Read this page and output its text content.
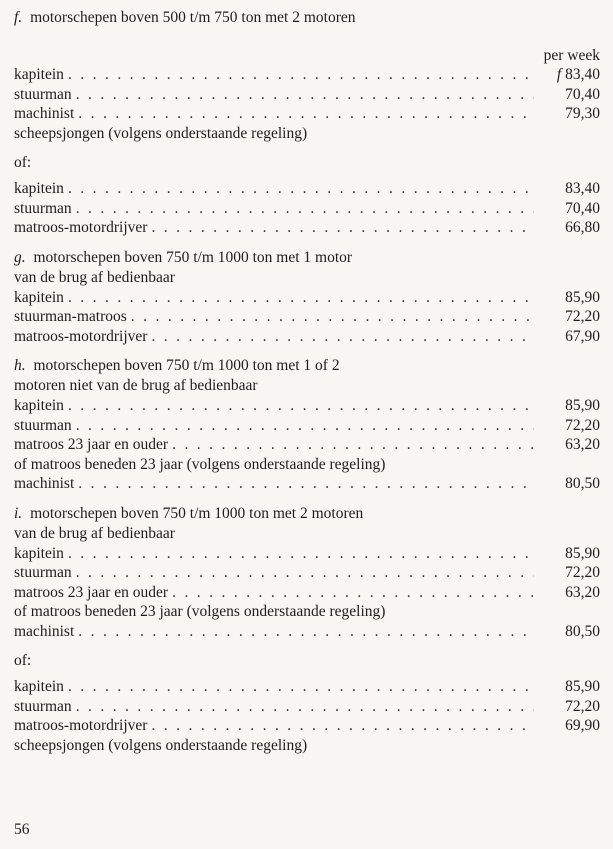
f. motorschepen boven 500 t/m 750 ton met 2 motoren

per week
kapitein . . .	f 83,40
stuurman . . .	70,40
machinist . . .	79,30
scheepsjongen (volgens onderstaande regeling)
of:
kapitein . . .	83,40
stuurman . . .	70,40
matroos-motordrijver . . .	66,80

g. motorschepen boven 750 t/m 1000 ton met 1 motor

van de brug af bedienbaar

kapitein . . .	85,90
stuurman-matroos . . .	72,20
matroos-motordrijver . . .	67,90

h. motorschepen boven 750 t/m 1000 ton met 1 of 2

motoren niet van de brug af bedienbaar

kapitein . . .	85,90
stuurman . . .	72,20
matroos 23 jaar en ouder . . .	63,20
of matroos beneden 23 jaar (volgens onderstaande regeling)
machinist . . .	80,50

i. motorschepen boven 750 t/m 1000 ton met 2 motoren

van de brug af bedienbaar

kapitein . . .	85,90
stuurman . . .	72,20
matroos 23 jaar en ouder . . .	63,20
of matroos beneden 23 jaar (volgens onderstaande regeling)
machinist . . .	80,50
of:
kapitein . . .	85,90
stuurman . . .	72,20
matroos-motordrijver . . .	69,90
scheepsjongen (volgens onderstaande regeling)
56
